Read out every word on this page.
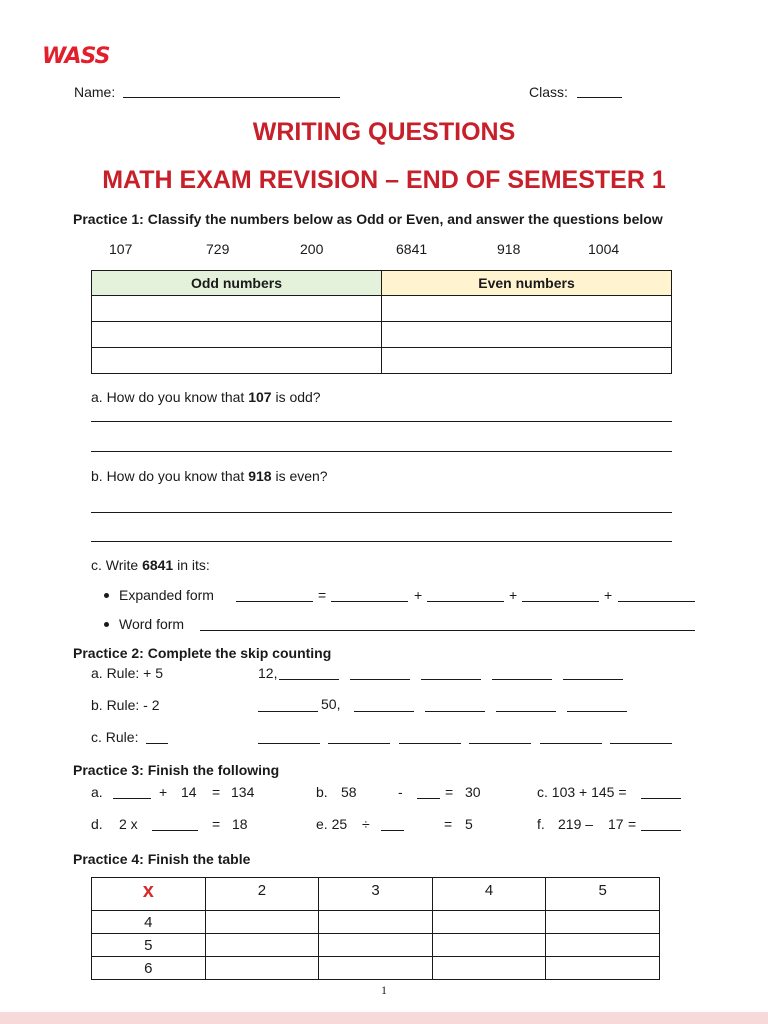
WASS
Name:	Class:
WRITING QUESTIONS
MATH EXAM REVISION – END OF SEMESTER 1
Practice 1: Classify the numbers below as Odd or Even, and answer the questions below
107	729	200	6841	918	1004
Odd numbers	Even numbers

a. How do you know that 107 is odd?
b. How do you know that 918 is even?
c. Write 6841 in its:
Expanded form	=	+	+	+
Word form
Practice 2: Complete the skip counting
a. Rule: + 5	12,
b. Rule: - 2	50,
c. Rule:
Practice 3: Finish the following
a.	+ 14 = 134	b. 58	-	= 30	c. 103 + 145 =
d. 2 x	= 18	e. 25 ÷	= 5	f. 219 – 17 =
Practice 4: Finish the table
x	2	3	4	5
4				
5				
6				
1
